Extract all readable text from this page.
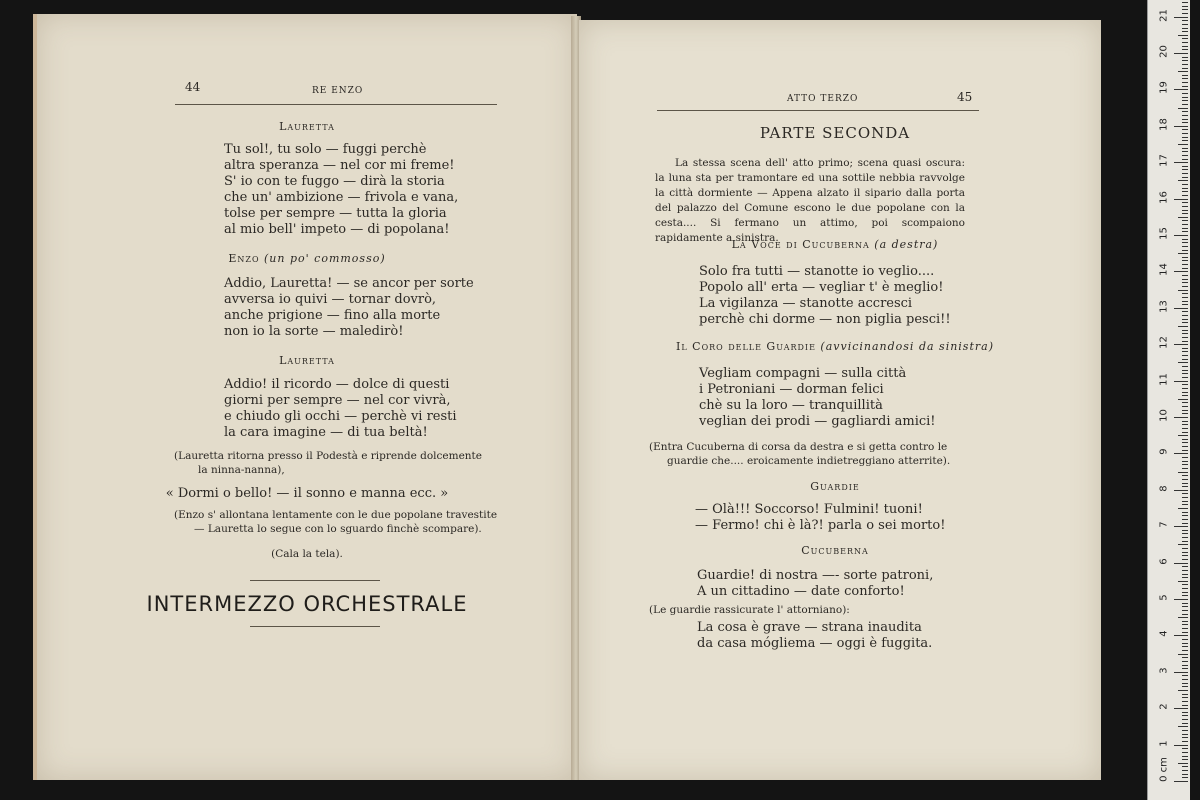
44	RE ENZO
Lauretta
Tu sol!, tu solo — fuggi perchè
altra speranza — nel cor mi freme!
S' io con te fuggo — dirà la storia
che un' ambizione — frivola e vana,
tolse per sempre — tutta la gloria
al mio bell' impeto — di popolana!
Enzo (un po' commosso)
Addio, Lauretta! — se ancor per sorte
avversa io quivi — tornar dovrò,
anche prigione — fino alla morte
non io la sorte — maledirò!
Lauretta
Addio! il ricordo — dolce di questi
giorni per sempre — nel cor vivrà,
e chiudo gli occhi — perchè vi resti
la cara imagine — di tua beltà!
(Lauretta ritorna presso il Podestà e riprende dolcemente
la ninna-nanna),
« Dormi o bello! — il sonno e manna ecc. »
(Enzo s' allontana lentamente con le due popolane travestite
— Lauretta lo segue con lo sguardo finchè scompare).
(Cala la tela).
INTERMEZZO ORCHESTRALE
ATTO TERZO	45
PARTE SECONDA
La stessa scena dell' atto primo; scena quasi oscura: la luna sta per tramontare ed una sottile nebbia ravvolge la città dormiente — Appena alzato il sipario dalla porta del palazzo del Comune escono le due popolane con la cesta.... Si fermano un attimo, poi scompaiono rapidamente a sinistra.
La Voce di Cucuberna (a destra)
Solo fra tutti — stanotte io veglio....
Popolo all' erta — vegliar t' è meglio!
La vigilanza — stanotte accresci
perchè chi dorme — non piglia pesci!!
Il Coro delle Guardie (avvicinandosi da sinistra)
Vegliam compagni — sulla città
i Petroniani — dorman felici
chè su la loro — tranquillità
veglian dei prodi — gagliardi amici!
(Entra Cucuberna di corsa da destra e si getta contro le
guardie che.... eroicamente indietreggiano atterrite).
Guardie
— Olà!!! Soccorso! Fulmini! tuoni!
— Fermo! chi è là?! parla o sei morto!
Cucuberna
Guardie! di nostra —- sorte patroni,
A un cittadino — date conforto!
(Le guardie rassicurate l' attorniano):
La cosa è grave — strana inaudita
da casa mógliema — oggi è fuggita.
0 cm
1
2
3
4
5
6
7
8
9
10
11
12
13
14
15
16
17
18
19
20
21
